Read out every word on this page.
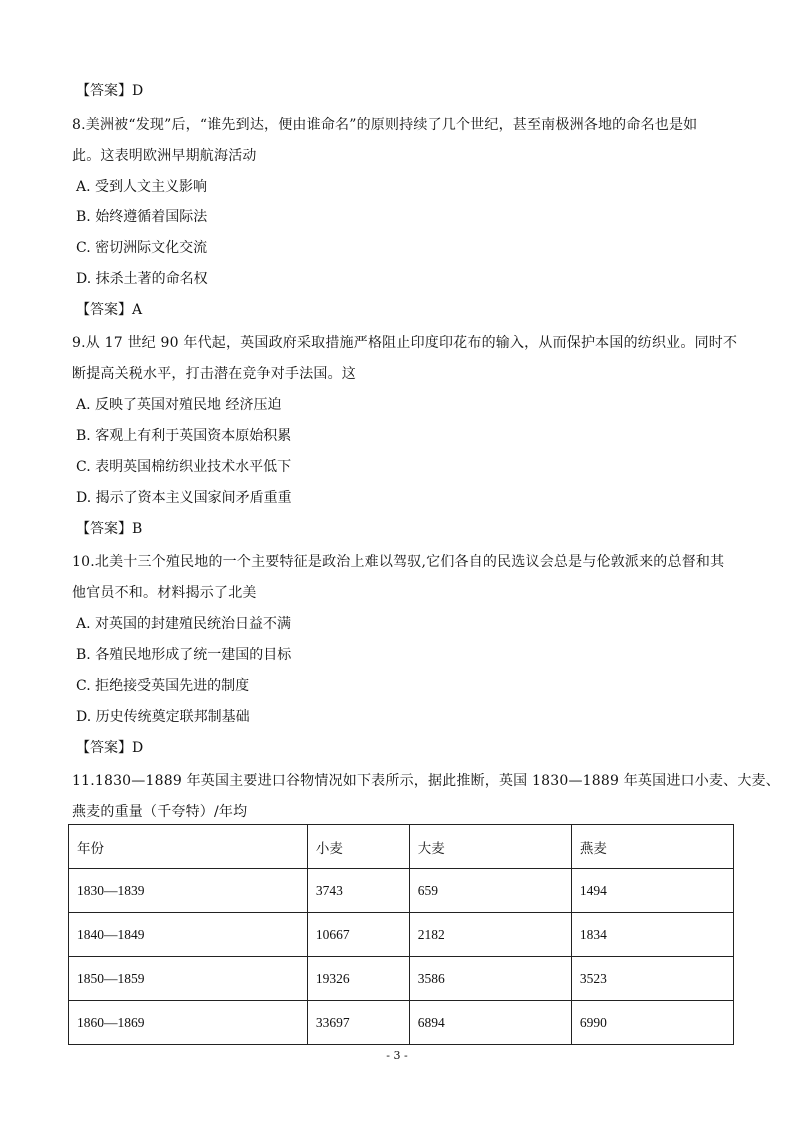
【答案】D
8.美洲被“发现”后，“谁先到达，便由谁命名”的原则持续了几个世纪，甚至南极洲各地的命名也是如
此。这表明欧洲早期航海活动
A. 受到人文主义影响
B. 始终遵循着国际法
C. 密切洲际文化交流
D. 抹杀土著的命名权
【答案】A
9.从 17 世纪 90 年代起，英国政府采取措施严格阻止印度印花布的输入，从而保护本国的纺织业。同时不
断提高关税水平，打击潜在竞争对手法国。这
A. 反映了英国对殖民地 经济压迫
B. 客观上有利于英国资本原始积累
C. 表明英国棉纺织业技术水平低下
D. 揭示了资本主义国家间矛盾重重
【答案】B
10.北美十三个殖民地的一个主要特征是政治上难以驾驭,它们各自的民选议会总是与伦敦派来的总督和其
他官员不和。材料揭示了北美
A. 对英国的封建殖民统治日益不满
B. 各殖民地形成了统一建国的目标
C. 拒绝接受英国先进的制度
D. 历史传统奠定联邦制基础
【答案】D
11.1830—1889 年英国主要进口谷物情况如下表所示，据此推断，英国 1830—1889 年英国进口小麦、大麦、
燕麦的重量（千夸特）/年均
年份	小麦	大麦	燕麦
1830—1839	3743	659	1494
1840—1849	10667	2182	1834
1850—1859	19326	3586	3523
1860—1869	33697	6894	6990
- 3 -
